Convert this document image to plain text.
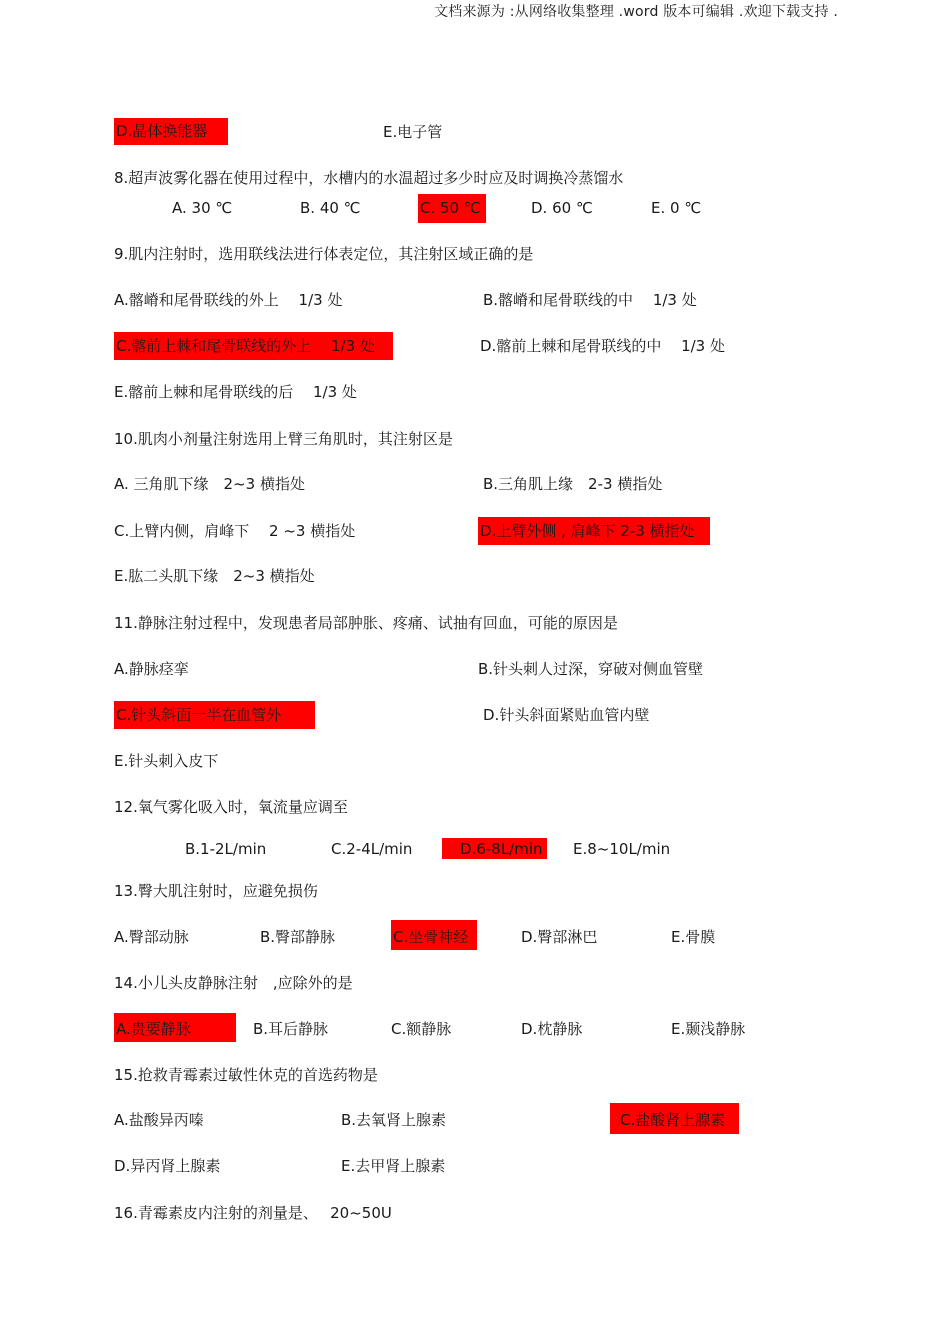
文档来源为 :从网络收集整理 .word 版本可编辑 .欢迎下载支持 .
D.晶体换能器	E.电子管
8.超声波雾化器在使用过程中，水槽内的水温超过多少时应及时调换冷蒸馏水
A. 30 ℃	B. 40 ℃	C. 50 ℃	D. 60 ℃	E. 0 ℃
9.肌内注射时，选用联线法进行体表定位，其注射区域正确的是
A.髂嵴和尾骨联线的外上　 1/3 处	B.髂嵴和尾骨联线的中　 1/3 处
C.髂前上棘和尾骨联线的外上　 1/3 处	D.髂前上棘和尾骨联线的中　 1/3 处
E.髂前上棘和尾骨联线的后　 1/3 处
10.肌肉小剂量注射选用上臂三角肌时，其注射区是
A. 三角肌下缘　2~3 横指处	B.三角肌上缘　2-3 横指处
C.上臂内侧，肩峰下　 2 ~3 横指处	D.上臂外侧 , 肩峰下 2-3 横指处
E.肱二头肌下缘　2~3 横指处
11.静脉注射过程中，发现患者局部肿胀、疼痛、试抽有回血，可能的原因是
A.静脉痉挛	B.针头刺人过深，穿破对侧血管壁
C.针头斜面一半在血管外	D.针头斜面紧贴血管内壁
E.针头刺入皮下
12.氧气雾化吸入时，氧流量应调至
B.1-2L/min	C.2-4L/min	D.6-8L/min E.8~10L/min
13.臀大肌注射时，应避免损伤
A.臀部动脉	B.臀部静脉	C.坐骨神经	D.臀部淋巴	E.骨膜
14.小儿头皮静脉注射　,应除外的是
A.贵要静脉	B.耳后静脉	C.额静脉	D.枕静脉	E.颞浅静脉
15.抢救青霉素过敏性休克的首选药物是
A.盐酸异丙嗪	B.去氧肾上腺素	C.盐酸肾上腺素
D.异丙肾上腺素	E.去甲肾上腺素
16.青霉素皮内注射的剂量是、　 20~50U
